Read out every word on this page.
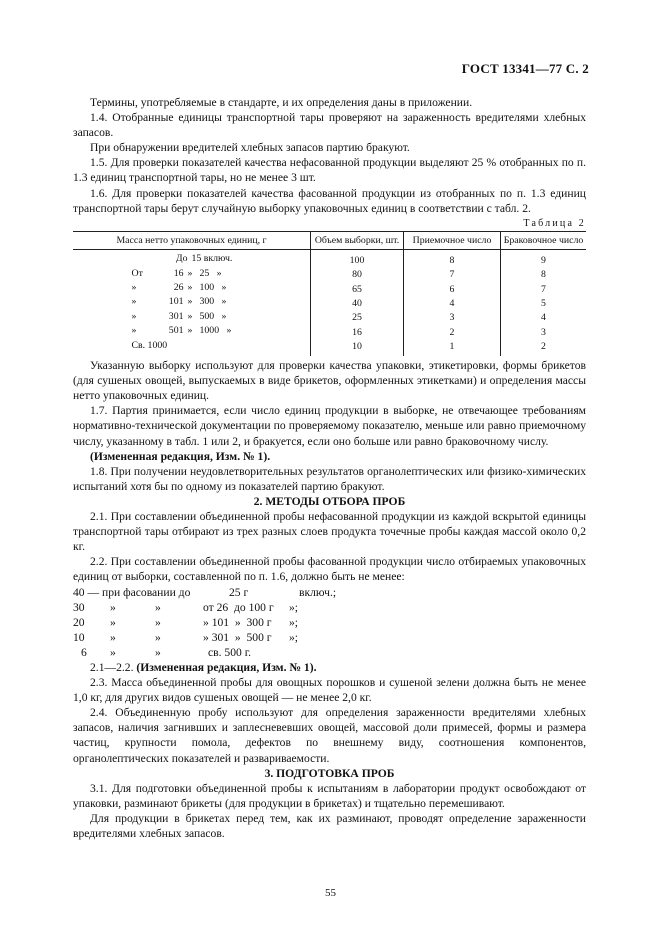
ГОСТ 13341—77 С. 2

Термины, употребляемые в стандарте, и их определения даны в приложении.

1.4. Отобранные единицы транспортной тары проверяют на зараженность вредителями хлебных запасов.

При обнаружении вредителей хлебных запасов партию бракуют.

1.5. Для проверки показателей качества нефасованной продукции выделяют 25 % отобранных по п. 1.3 единиц транспортной тары, но не менее 3 шт.

1.6. Для проверки показателей качества фасованной продукции из отобранных по п. 1.3 единиц транспортной тары берут случайную выборку упаковочных единиц в соответствии с табл. 2.

Таблица 2

Масса нетто упаковочных единиц, г	Объем выборки, шт.	Приемочное число	Браковочное число

До 15 включ.	100	8	9

От 16 » 25   »	80	7	8

» 26 » 100   »	65	6	7

» 101 » 300   »	40	4	5

» 301 » 500   »	25	3	4

» 501 » 1000   »	16	2	3

Св. 1000	10	1	2

Указанную выборку используют для проверки качества упаковки, этикетировки, формы брикетов (для сушеных овощей, выпускаемых в виде брикетов, оформленных этикетками) и определения массы нетто упаковочных единиц.

1.7. Партия принимается, если число единиц продукции в выборке, не отвечающее требованиям нормативно-технической документации по проверяемому показателю, меньше или равно приемочному числу, указанному в табл. 1 или 2, и бракуется, если оно больше или равно браковочному числу.

(Измененная редакция, Изм. № 1).

1.8. При получении неудовлетворительных результатов органолептических или физико-химических испытаний хотя бы по одному из показателей партию бракуют.

2. МЕТОДЫ ОТБОРА ПРОБ

2.1. При составлении объединенной пробы нефасованной продукции из каждой вскрытой единицы транспортной тары отбирают из трех разных слоев продукта точечные пробы каждая массой около 0,2 кг.

2.2. При составлении объединенной пробы фасованной продукции число отбираемых упаковочных единиц от выборки, составленной по п. 1.6, должно быть не менее:

40 — при фасовании до	25 г	включ.;
30 »	»	от 26  до 100 г »;
20 »	»	» 101  »  300 г »;
10 »	»	» 301  »  500 г »;
6 »	»	св. 500 г.

2.1—2.2. (Измененная редакция, Изм. № 1).

2.3. Масса объединенной пробы для овощных порошков и сушеной зелени должна быть не менее 1,0 кг, для других видов сушеных овощей — не менее 2,0 кг.

2.4. Объединенную пробу используют для определения зараженности вредителями хлебных запасов, наличия загнивших и заплесневевших овощей, массовой доли примесей, формы и размера частиц, крупности помола, дефектов по внешнему виду, соотношения компонентов, органолептических показателей и развариваемости.

3. ПОДГОТОВКА ПРОБ

3.1. Для подготовки объединенной пробы к испытаниям в лаборатории продукт освобождают от упаковки, разминают брикеты (для продукции в брикетах) и тщательно перемешивают.

Для продукции в брикетах перед тем, как их разминают, проводят определение зараженности вредителями хлебных запасов.

55
